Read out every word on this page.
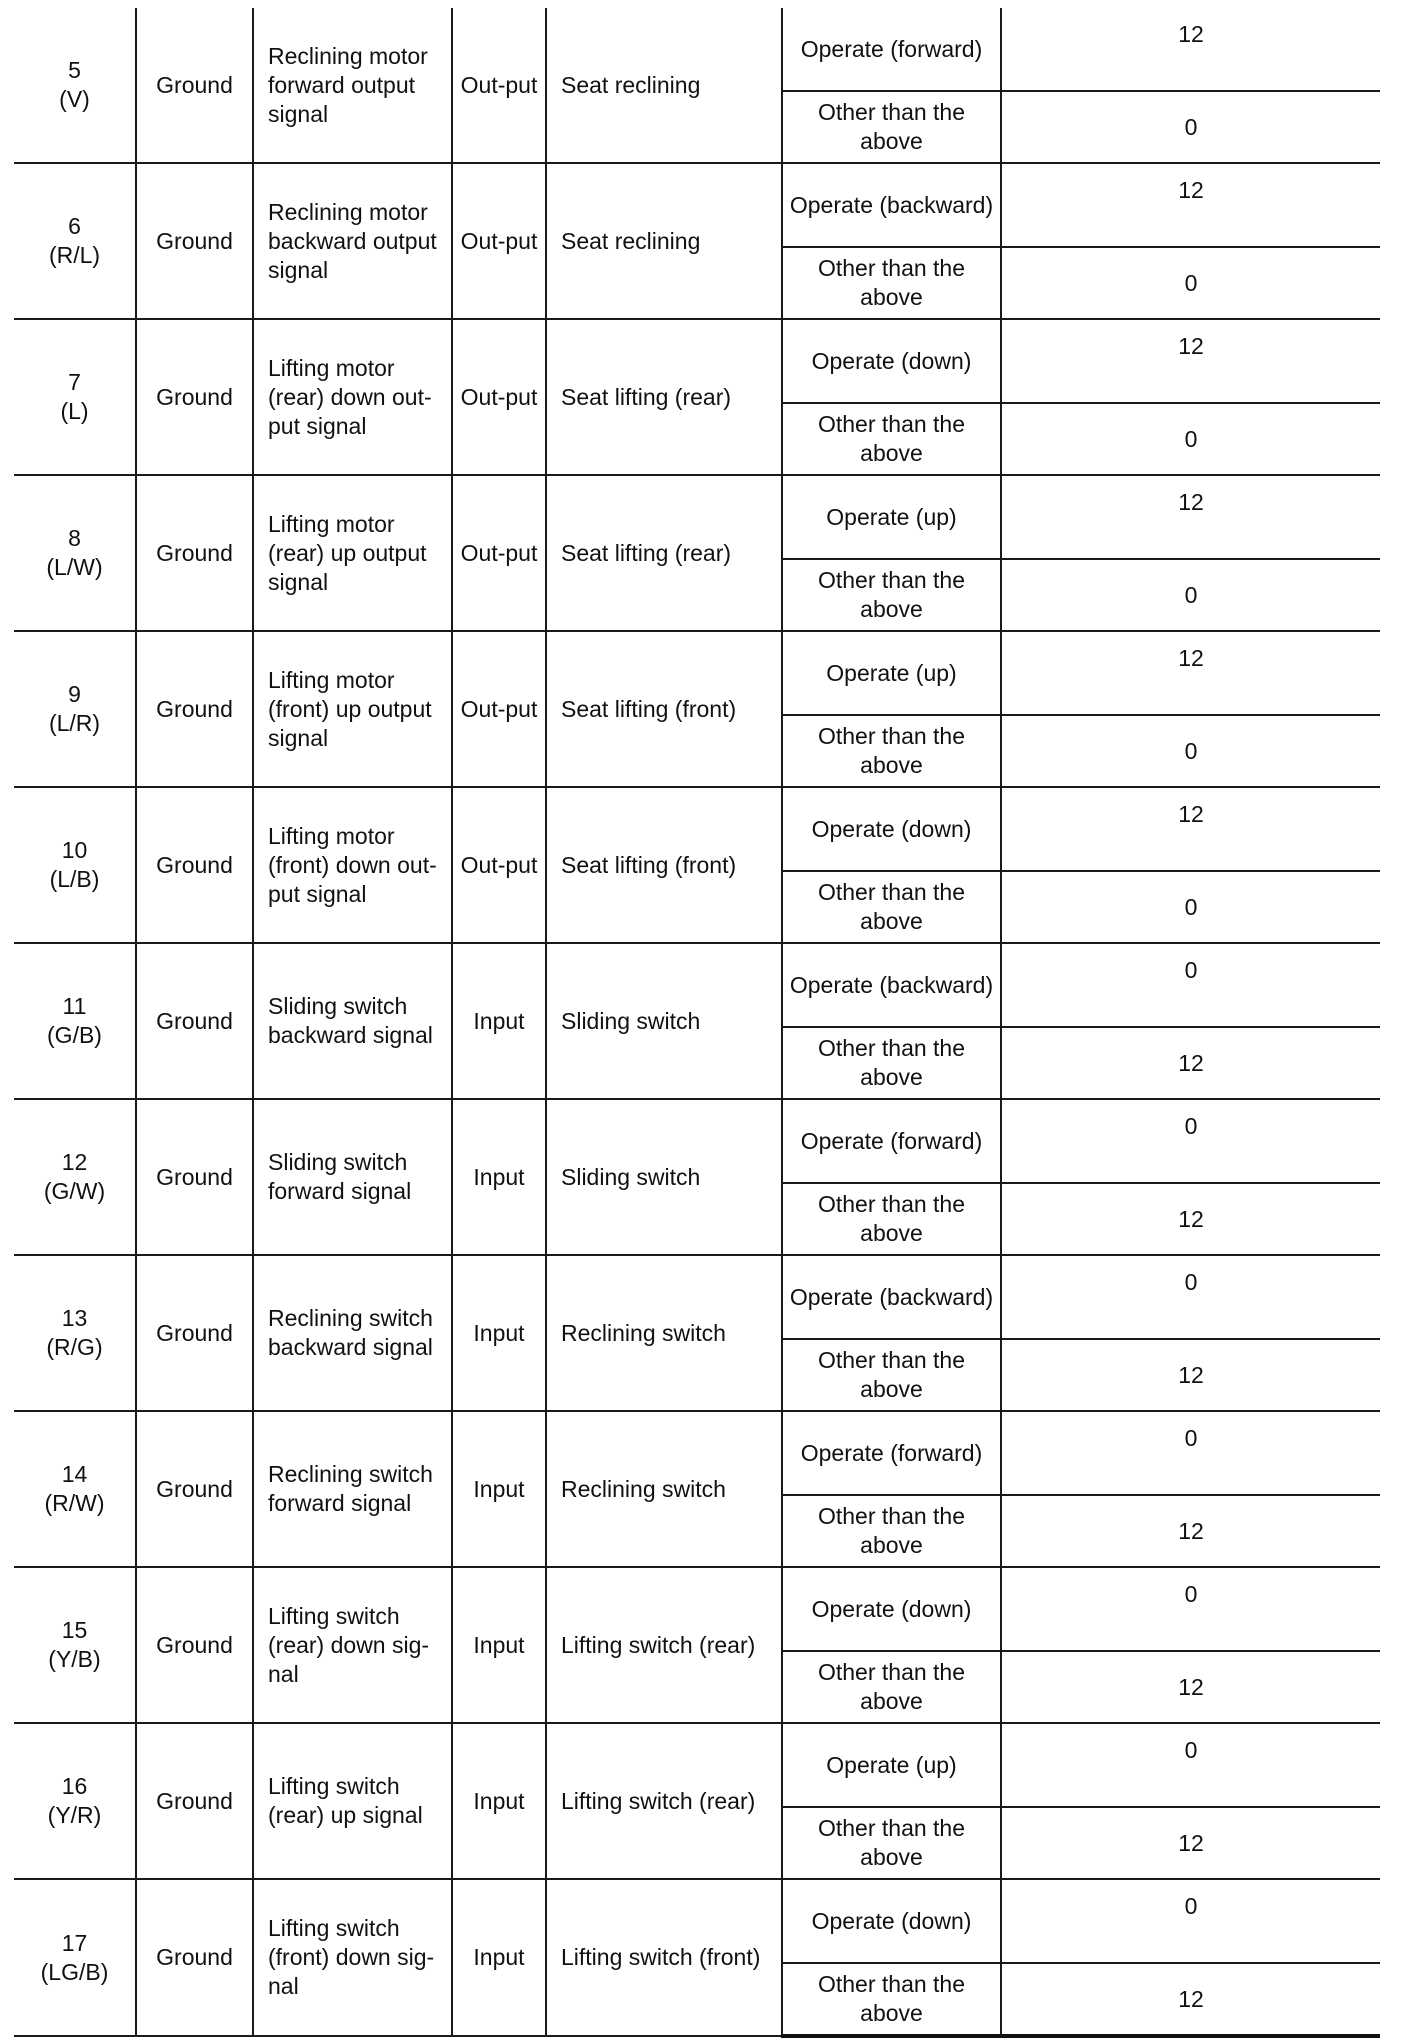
5
(V)	Ground	Reclining motor forward output signal	Out-put	Seat reclining	Operate (forward)	12
					Other than the above	0

6
(R/L)	Ground	Reclining motor backward output signal	Out-put	Seat reclining	Operate (backward)	12
					Other than the above	0

7
(L)	Ground	Lifting motor (rear) down out-put signal	Out-put	Seat lifting (rear)	Operate (down)	12
					Other than the above	0

8
(L/W)	Ground	Lifting motor (rear) up output signal	Out-put	Seat lifting (rear)	Operate (up)	12
					Other than the above	0

9
(L/R)	Ground	Lifting motor (front) up output signal	Out-put	Seat lifting (front)	Operate (up)	12
					Other than the above	0

10
(L/B)	Ground	Lifting motor (front) down out-put signal	Out-put	Seat lifting (front)	Operate (down)	12
					Other than the above	0

11
(G/B)	Ground	Sliding switch backward signal	Input	Sliding switch	Operate (backward)	0
					Other than the above	12

12
(G/W)	Ground	Sliding switch forward signal	Input	Sliding switch	Operate (forward)	0
					Other than the above	12

13
(R/G)	Ground	Reclining switch backward signal	Input	Reclining switch	Operate (backward)	0
					Other than the above	12

14
(R/W)	Ground	Reclining switch forward signal	Input	Reclining switch	Operate (forward)	0
					Other than the above	12

15
(Y/B)	Ground	Lifting switch (rear) down sig-nal	Input	Lifting switch (rear)	Operate (down)	0
					Other than the above	12

16
(Y/R)	Ground	Lifting switch (rear) up signal	Input	Lifting switch (rear)	Operate (up)	0
					Other than the above	12

17
(LG/B)	Ground	Lifting switch (front) down sig-nal	Input	Lifting switch (front)	Operate (down)	0
					Other than the above	12
